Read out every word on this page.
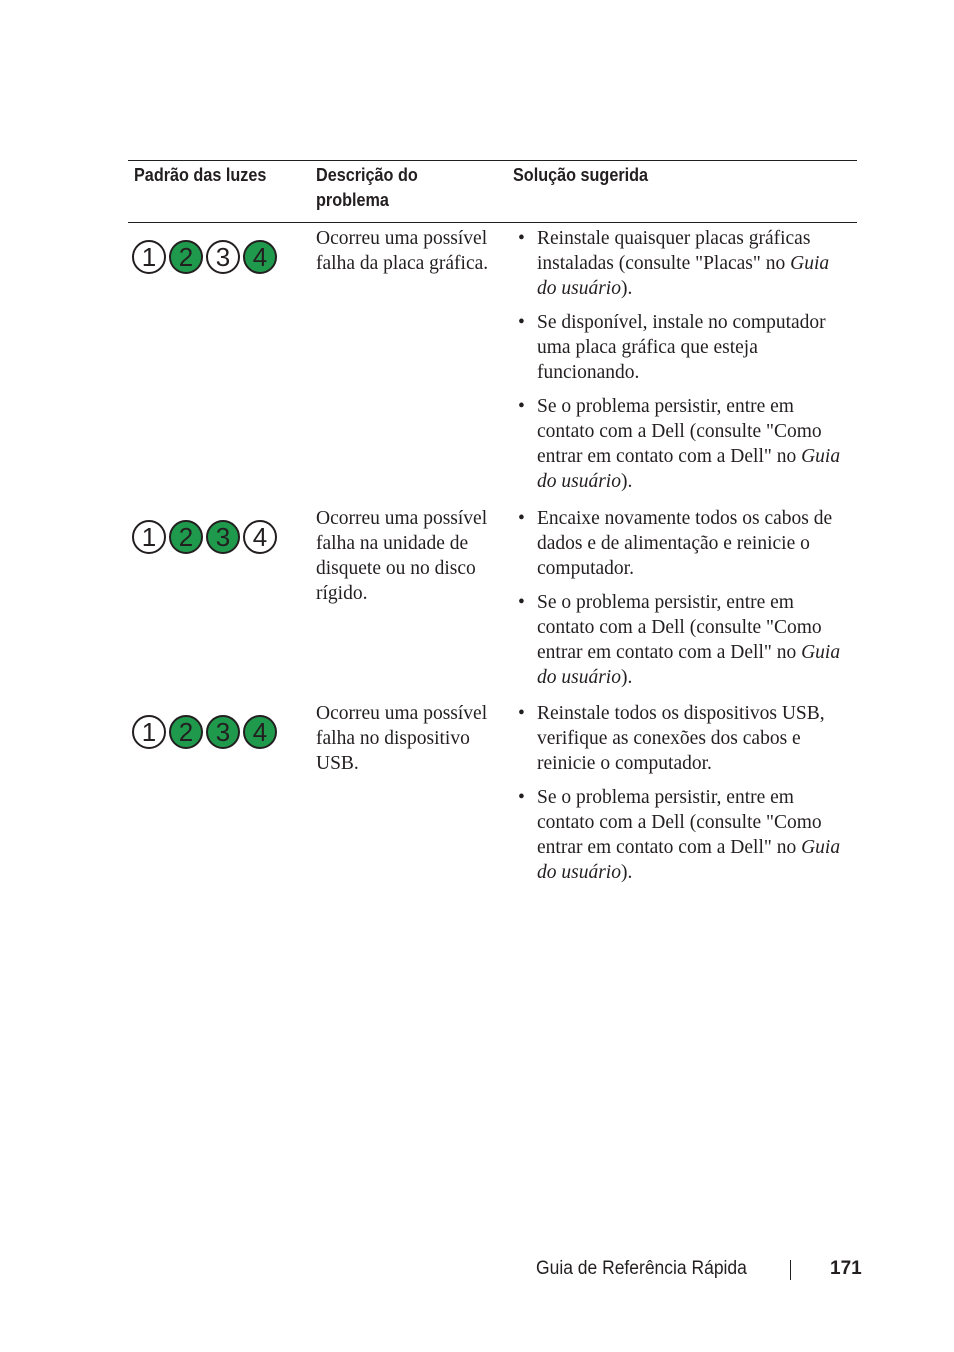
Padrão das luzes	Descrição do problema
Solução sugerida
1 2 3 4
Ocorreu uma possível falha da placa gráfica.
• Reinstale quaisquer placas gráficas instaladas (consulte "Placas" no Guia do usuário).
• Se disponível, instale no computador uma placa gráfica que esteja funcionando.
• Se o problema persistir, entre em contato com a Dell (consulte "Como entrar em contato com a Dell" no Guia do usuário).
1 2 3 4
Ocorreu uma possível falha na unidade de disquete ou no disco rígido.
• Encaixe novamente todos os cabos de dados e de alimentação e reinicie o computador.
• Se o problema persistir, entre em contato com a Dell (consulte "Como entrar em contato com a Dell" no Guia do usuário).
1 2 3 4
Ocorreu uma possível falha no dispositivo USB.
• Reinstale todos os dispositivos USB, verifique as conexões dos cabos e reinicie o computador.
• Se o problema persistir, entre em contato com a Dell (consulte "Como entrar em contato com a Dell" no Guia do usuário).
Guia de Referência Rápida	171
